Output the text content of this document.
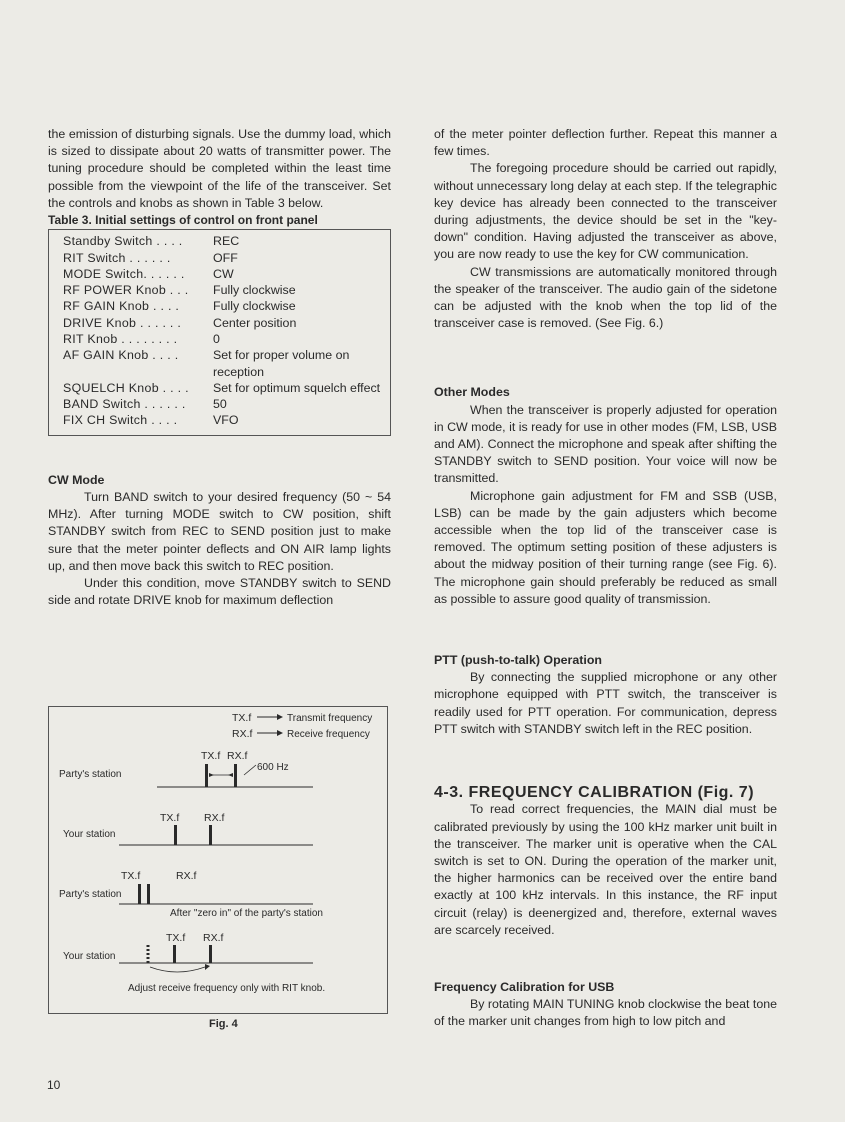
the emission of disturbing signals. Use the dummy load, which is sized to dissipate about 20 watts of transmitter power. The tuning procedure should be completed within the least time possible from the viewpoint of the life of the transceiver. Set the controls and knobs as shown in Table 3 below.

Table 3. Initial settings of control on front panel

Standby Switch . . . .	REC
RIT Switch . . . . . .	OFF
MODE Switch. . . . . .	CW
RF POWER Knob . . .	Fully clockwise
RF GAIN Knob . . . .	Fully clockwise
DRIVE Knob . . . . . .	Center position
RIT Knob . . . . . . . .	0
AF GAIN Knob . . . .	Set for proper volume on reception
SQUELCH Knob . . . .	Set for optimum squelch effect
BAND Switch . . . . . .	50
FIX CH Switch . . . .	VFO

CW Mode

Turn BAND switch to your desired frequency (50 ~ 54 MHz). After turning MODE switch to CW position, shift STANDBY switch from REC to SEND position just to make sure that the meter pointer deflects and ON AIR lamp lights up, and then move back this switch to REC position.

Under this condition, move STANDBY switch to SEND side and rotate DRIVE knob for maximum deflection

TX.f	Transmit frequency
RX.f	Receive frequency
TX.f RX.f
Party's station
600 Hz
TX.f RX.f
Your station
TX.f	RX.f
Party's station
After "zero in" of the party's station
TX.f RX.f
Your station
Adjust receive frequency only with RIT knob.
Fig. 4

of the meter pointer deflection further. Repeat this manner a few times.

The foregoing procedure should be carried out rapidly, without unnecessary long delay at each step. If the telegraphic key device has already been connected to the transceiver during adjustments, the device should be set in the "key-down" condition. Having adjusted the transceiver as above, you are now ready to use the key for CW communication.

CW transmissions are automatically monitored through the speaker of the transceiver. The audio gain of the sidetone can be adjusted with the knob when the top lid of the transceiver case is removed. (See Fig. 6.)

Other Modes

When the transceiver is properly adjusted for operation in CW mode, it is ready for use in other modes (FM, LSB, USB and AM). Connect the microphone and speak after shifting the STANDBY switch to SEND position. Your voice will now be transmitted.

Microphone gain adjustment for FM and SSB (USB, LSB) can be made by the gain adjusters which become accessible when the top lid of the transceiver case is removed. The optimum setting position of these adjusters is about the midway position of their turning range (see Fig. 6). The microphone gain should preferably be reduced as small as possible to assure good quality of transmission.

PTT (push-to-talk) Operation

By connecting the supplied microphone or any other microphone equipped with PTT switch, the transceiver is readily used for PTT operation. For communication, depress PTT switch with STANDBY switch left in the REC position.

4-3. FREQUENCY CALIBRATION (Fig. 7)

To read correct frequencies, the MAIN dial must be calibrated previously by using the 100 kHz marker unit built in the transceiver. The marker unit is operative when the CAL switch is set to ON. During the operation of the marker unit, the higher harmonics can be received over the entire band exactly at 100 kHz intervals. In this instance, the RF input circuit (relay) is deenergized and, therefore, external waves are scarcely received.

Frequency Calibration for USB

By rotating MAIN TUNING knob clockwise the beat tone of the marker unit changes from high to low pitch and

10
